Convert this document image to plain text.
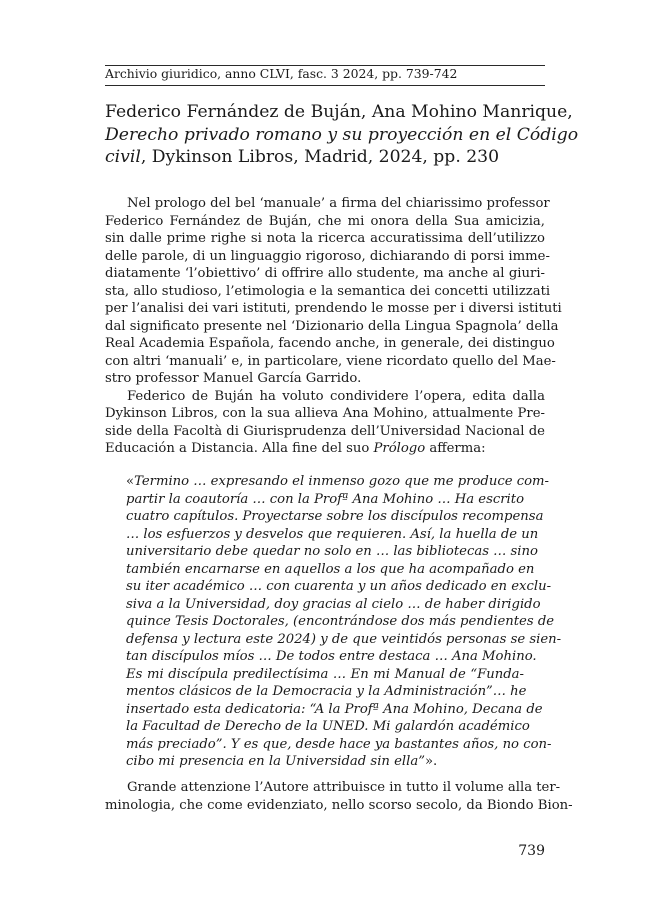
Archivio giuridico, anno CLVI, fasc. 3 2024, pp. 739-742
Federico Fernández de Buján, Ana Mohino Manrique,
Derecho privado romano y su proyección en el Código
civil, Dykinson Libros, Madrid, 2024, pp. 230
Nel prologo del bel ‘manuale’ a firma del chiarissimo professor
Federico Fernández de Buján, che mi onora della Sua amicizia,
sin dalle prime righe si nota la ricerca accuratissima dell’utilizzo
delle parole, di un linguaggio rigoroso, dichiarando di porsi imme-
diatamente ‘l’obiettivo’ di offrire allo studente, ma anche al giuri-
sta, allo studioso, l’etimologia e la semantica dei concetti utilizzati
per l’analisi dei vari istituti, prendendo le mosse per i diversi istituti
dal significato presente nel ‘Dizionario della Lingua Spagnola’ della
Real Academia Española, facendo anche, in generale, dei distinguo
con altri ‘manuali’ e, in particolare, viene ricordato quello del Mae-
stro professor Manuel García Garrido.
Federico de Buján ha voluto condividere l’opera, edita dalla
Dykinson Libros, con la sua allieva Ana Mohino, attualmente Pre-
side della Facoltà di Giurisprudenza dell’Universidad Nacional de
Educación a Distancia. Alla fine del suo Prólogo afferma:
«Termino … expresando el inmenso gozo que me produce com-
partir la coautoría … con la Profª Ana Mohino … Ha escrito
cuatro capítulos. Proyectarse sobre los discípulos recompensa
… los esfuerzos y desvelos que requieren. Así, la huella de un
universitario debe quedar no solo en … las bibliotecas … sino
también encarnarse en aquellos a los que ha acompañado en
su iter académico … con cuarenta y un años dedicado en exclu-
siva a la Universidad, doy gracias al cielo … de haber dirigido
quince Tesis Doctorales, (encontrándose dos más pendientes de
defensa y lectura este 2024) y de que veintidós personas se sien-
tan discípulos míos … De todos entre destaca … Ana Mohino.
Es mi discípula predilectísima … En mi Manual de “Funda-
mentos clásicos de la Democracia y la Administración”… he
insertado esta dedicatoria: “A la Profª Ana Mohino, Decana de
la Facultad de Derecho de la UNED. Mi galardón académico
más preciado”. Y es que, desde hace ya bastantes años, no con-
cibo mi presencia en la Universidad sin ella”».
Grande attenzione l’Autore attribuisce in tutto il volume alla ter-
minologia, che come evidenziato, nello scorso secolo, da Biondo Bion-
739
